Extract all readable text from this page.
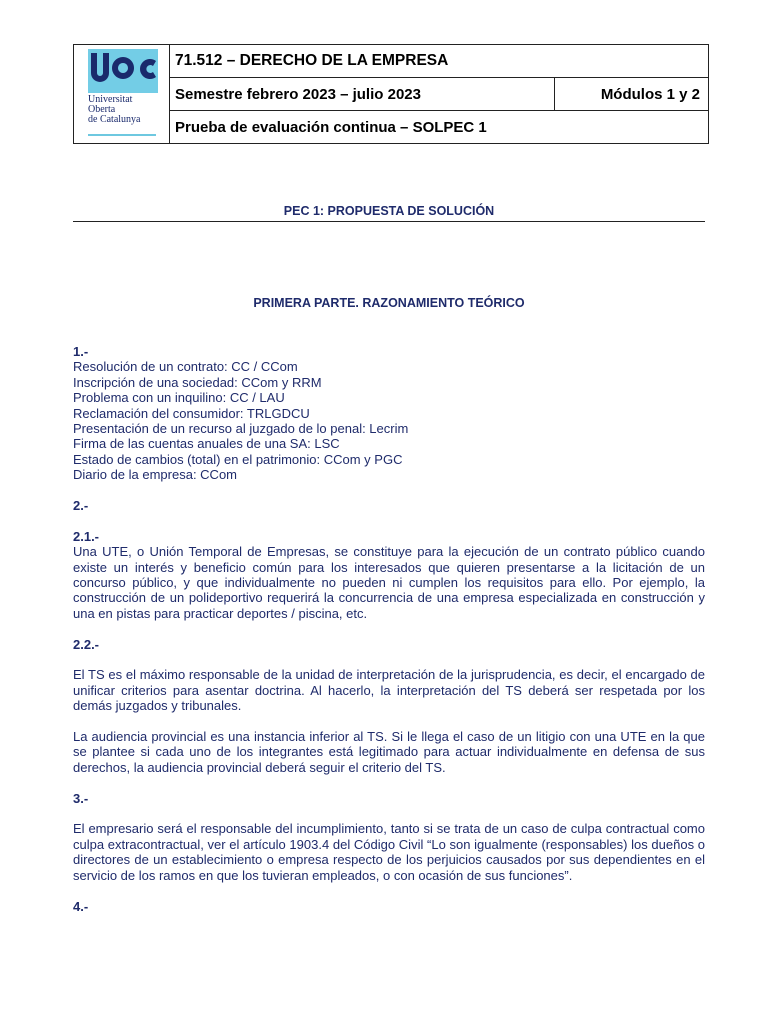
Universitat
Oberta
de Catalunya
71.512 – DERECHO DE LA EMPRESA
Semestre febrero 2023 – julio 2023	Módulos 1 y 2
Prueba de evaluación continua – SOLPEC 1
PEC 1: PROPUESTA DE SOLUCIÓN
PRIMERA PARTE. RAZONAMIENTO TEÓRICO

1.-

Resolución de un contrato: CC / CCom

Inscripción de una sociedad: CCom y RRM

Problema con un inquilino: CC / LAU

Reclamación del consumidor: TRLGDCU

Presentación de un recurso al juzgado de lo penal: Lecrim

Firma de las cuentas anuales de una SA: LSC

Estado de cambios (total) en el patrimonio: CCom y PGC

Diario de la empresa: CCom

2.-

2.1.-

Una UTE, o Unión Temporal de Empresas, se constituye para la ejecución de un contrato público cuando existe un interés y beneficio común para los interesados que quieren presentarse a la licitación de un concurso público, y que individualmente no pueden ni cumplen los requisitos para ello. Por ejemplo, la construcción de un polideportivo requerirá la concurrencia de una empresa especializada en construcción y una en pistas para practicar deportes / piscina, etc.

2.2.-

El TS es el máximo responsable de la unidad de interpretación de la jurisprudencia, es decir, el encargado de unificar criterios para asentar doctrina. Al hacerlo, la interpretación del TS deberá ser respetada por los demás juzgados y tribunales.

La audiencia provincial es una instancia inferior al TS. Si le llega el caso de un litigio con una UTE en la que se plantee si cada uno de los integrantes está legitimado para actuar individualmente en defensa de sus derechos, la audiencia provincial deberá seguir el criterio del TS.

3.-

El empresario será el responsable del incumplimiento, tanto si se trata de un caso de culpa contractual como culpa extracontractual, ver el artículo 1903.4 del Código Civil “Lo son igualmente (responsables) los dueños o directores de un establecimiento o empresa respecto de los perjuicios causados por sus dependientes en el servicio de los ramos en que los tuvieran empleados, o con ocasión de sus funciones”.

4.-
